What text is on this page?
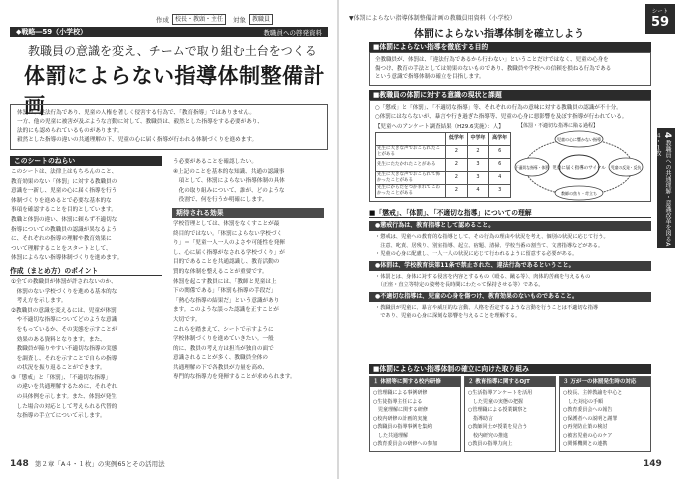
作成	校長・教頭・主任	対象	教職員
◆戦略―59（小学校）	教職員への啓発資料
教職員の意識を変え、チームで取り組む土台をつくる
体罰によらない指導体制整備計画

体罰は、違法行為であり、児童の人権を著しく侵害する行為で、「教育指導」ではありません。

一方、他の児童に被害が及ぶような言動に対して、教職員は、毅然とした指導をする必要があり、

法的にも認められているものがあります。

毅然とした指導の違いの共通理解の下、児童の心に届く指導が行われる体制づくりを進めます。

このシートのねらい

このシートは、法律上はもちろんのこと、

教育効果のない「体罰」に対する教職員の

意識を一新し、児童の心に届く指導を行う

体制づくりを進めるとで必要な基本的な

事項を確認することを目的としています。

教職と体罰の違い、体罰に頼らず不適切な

指導についての教職員の認識が異なるよう

に、それぞれの指導の理解や教育効果に

ついて理解することをスタートとして、

体罰によらない指導体制づくりを進めます。

作成（まとめ方）のポイント

①全ての教職員が体罰が許されないのか、

　体罰のない学校づくりを進める基本的な

　考え方を示します。

②教職員の意識を変えるには、児童が体罰

　や不適切な指導についてどのような意識

　をもっているか、その実態を示すことが

　効果のある資料となります。また、

　教職員が陥りやすい不適切な指導の実態

　を調査し、それを示すことで自らの指導

　の状況を振り返ることができます。

③「懲戒」と「体罰」、「不適切な指導」

　の違いを共通理解するために、それぞれ

　の具体例を示します。また、体罰が発生

　した場合の対応として考えられる代替的

　な指導の手立てについて示します。

う必要があることを確認したい。

④上記のことを基本的な知識、共通の認識事

　項として、体罰によらない指導体制の具体

　化の取り組みについて、誰が、どのような

　役割で、何を行うか明確にします。

期待される効果

学校管理としては、体罰をなくすことが最

終目的ではない。「体罰によらない学校づく

り」＝「児童一人一人のよさや可能性を発揮

し、心に届く指導がなされる学校づくり」が

目的であることを共通認識し、教育活動の

質的な体制を整えることが重要です。

体罰を起こす教員には、「教師と児童は上

下の関係である」「体罰も指導の手段だ」

「熱心な指導の結果だ」という意識があり

ます。このような誤った認識を正すことが

大切です。

これらを踏まえて、シートで示すように

学校体制づくりを進めていきたい。一般

的に、教員の考え方は担当が独自の面で

意識されることが多く、教職員全体の

共通理解の下で各教員が力量を高め、

専門的な指導力を発揮することが求められます。

148 第２章「A４・１枚」の実例65とその活用法
▼体罰によらない指導体制整備計画の教職員用資料（小学校）
体罰によらない指導体制を確立しよう
シート
59
4 教職員への共通理解・意識改革を図るA４・１枚
■体罰によらない指導を徹底する目的

全教職員が、体罰は、「違法行為であるから行わない」ということだけではなく、児童の心身を

傷つけ、教育の手法としては効果のないものであり、教職員や学校への信頼を損ねる行為である

という意識で指導体制の確立を目指します。

■教職員の体罰に対する意識の現状と課題

○「懲戒」と「体罰」、「不適切な指導」等、それぞれの行為の意味に対する教職員の認識が不十分。

○体罰にはならないが、暴言や行き過ぎた指導等、児童の心身に悪影響を及ぼす指導が行われている。

【児童へのアンケート調査結果（H29.6実施）：人】

	低学年	中学年	高学年
先生に大きな声でおこられたことがある	2	2	6
先生にたたかれたことがある	2	3	6
先生に大きな声でおこられて怖かったことがある	2	3	4
先生にからだをつかまれてこわかったことがある	2	4	3
【体罰・不適切な指導に陥る過程】
児童に届く指導のサイクル
児童の心に響かない指導
不適切な指導・体罰	児童の反発・反抗
教師の焦り・苛立ち
■「懲戒」、「体罰」、「不適切な指導」についての理解
●懲戒行為は、教育指導として認めること。

・懲戒は、児童への教育的な指導として、その行為の理由や状況を考え、個別の状況に応じて行う。

　注意、叱責、居残り、別室指導、起立、宿題、清掃、学校当番の割当て、文書指導などがある。

・児童の心身に配慮し、一人一人の状況に応じて行われるように留意する必要がある。

●体罰は、学校教育法第11条で禁止された、違法行為であるということ。

・体罰とは、身体に対する侵害を内容とするもの（殴る、蹴る等）、肉体的苦痛を与えるもの

　（正座・直立等特定の姿勢を長時間にわたって保持させる等）である。

●不適切な指導は、児童の心身を傷つけ、教育効果のないものであること。

・教職員が児童に、暴言や威圧的な言動、人格を否定するような言動を行うことは不適切な指導

　であり、児童の心身に深刻な影響を与えることを理解する。

■体罰によらない指導体制の確立に向けた取り組み
１ 体罰等に関する校内研修

○管理職による事例研修

○生徒指導主任による

　児童理解に関する研修

○校内研修の計画的実施

○教職員の指導事例を集約

　した共通理解

○教育委員会の研修への参加

２ 教育指導に関するOJT

○生活指導アンケートを活用

　した児童の実態の把握

○管理職による授業観察と

　指導助言

○教師同士が授業を見合う

　校内研究の推進

○教員の指導力向上

３ 万が一の体罰発生時の対応

○校長、主幹教諭を中心と

　した対応の手順

○教育委員会への報告

○保護者への説明と謝罪

○再発防止策の検討

○被害児童の心のケア

○関係機関との連携

149
